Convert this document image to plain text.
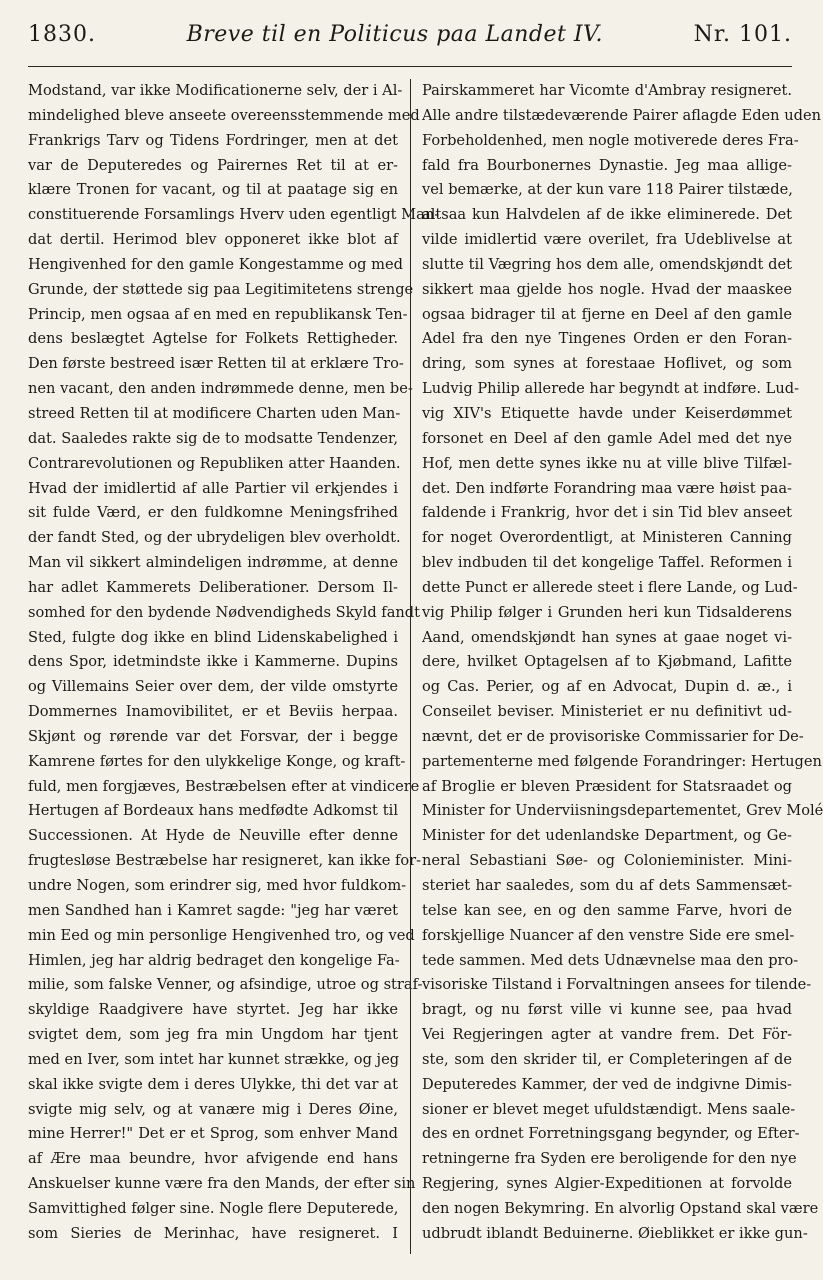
1830.	Breve til en Politicus paa Landet IV.	Nr. 101.
Modstand, var ikke Modificationerne selv, der i Al-
mindelighed bleve anseete overeensstemmende med
Frankrigs Tarv og Tidens Fordringer, men at det
var de Deputeredes og Pairernes Ret til at er-
klære Tronen for vacant, og til at paatage sig en
constituerende Forsamlings Hverv uden egentligt Man-
dat dertil. Herimod blev opponeret ikke blot af
Hengivenhed for den gamle Kongestamme og med
Grunde, der støttede sig paa Legitimitetens strenge
Princip, men ogsaa af en med en republikansk Ten-
dens beslægtet Agtelse for Folkets Rettigheder.
Den første bestreed især Retten til at erklære Tro-
nen vacant, den anden indrømmede denne, men be-
streed Retten til at modificere Charten uden Man-
dat. Saaledes rakte sig de to modsatte Tendenzer,
Contrarevolutionen og Republiken atter Haanden.
Hvad der imidlertid af alle Partier vil erkjendes i
sit fulde Værd, er den fuldkomne Meningsfrihed
der fandt Sted, og der ubrydeligen blev overholdt.
Man vil sikkert almindeligen indrømme, at denne
har adlet Kammerets Deliberationer. Dersom Il-
somhed for den bydende Nødvendigheds Skyld fandt
Sted, fulgte dog ikke en blind Lidenskabelighed i
dens Spor, idetmindste ikke i Kammerne. Dupins
og Villemains Seier over dem, der vilde omstyrte
Dommernes Inamovibilitet, er et Beviis herpaa.
Skjønt og rørende var det Forsvar, der i begge
Kamrene førtes for den ulykkelige Konge, og kraft-
fuld, men forgjæves, Bestræbelsen efter at vindicere
Hertugen af Bordeaux hans medfødte Adkomst til
Successionen. At Hyde de Neuville efter denne
frugtesløse Bestræbelse har resigneret, kan ikke for-
undre Nogen, som erindrer sig, med hvor fuldkom-
men Sandhed han i Kamret sagde: "jeg har været
min Eed og min personlige Hengivenhed tro, og ved
Himlen, jeg har aldrig bedraget den kongelige Fa-
milie, som falske Venner, og afsindige, utroe og straf-
skyldige Raadgivere have styrtet. Jeg har ikke
svigtet dem, som jeg fra min Ungdom har tjent
med en Iver, som intet har kunnet strække, og jeg
skal ikke svigte dem i deres Ulykke, thi det var at
svigte mig selv, og at vanære mig i Deres Øine,
mine Herrer!" Det er et Sprog, som enhver Mand
af Ære maa beundre, hvor afvigende end hans
Anskuelser kunne være fra den Mands, der efter sin
Samvittighed følger sine. Nogle flere Deputerede,
som Sieries de Merinhac, have resigneret. I
Pairskammeret har Vicomte d'Ambray resigneret.
Alle andre tilstædeværende Pairer aflagde Eden uden
Forbeholdenhed, men nogle motiverede deres Fra-
fald fra Bourbonernes Dynastie. Jeg maa allige-
vel bemærke, at der kun vare 118 Pairer tilstæde,
altsaa kun Halvdelen af de ikke eliminerede. Det
vilde imidlertid være overilet, fra Udeblivelse at
slutte til Vægring hos dem alle, omendskjøndt det
sikkert maa gjelde hos nogle. Hvad der maaskee
ogsaa bidrager til at fjerne en Deel af den gamle
Adel fra den nye Tingenes Orden er den Foran-
dring, som synes at forestaae Hoflivet, og som
Ludvig Philip allerede har begyndt at indføre. Lud-
vig XIV's Etiquette havde under Keiserdømmet
forsonet en Deel af den gamle Adel med det nye
Hof, men dette synes ikke nu at ville blive Tilfæl-
det. Den indførte Forandring maa være høist paa-
faldende i Frankrig, hvor det i sin Tid blev anseet
for noget Overordentligt, at Ministeren Canning
blev indbuden til det kongelige Taffel. Reformen i
dette Punct er allerede steet i flere Lande, og Lud-
vig Philip følger i Grunden heri kun Tidsalderens
Aand, omendskjøndt han synes at gaae noget vi-
dere, hvilket Optagelsen af to Kjøbmand, Lafitte
og Cas. Perier, og af en Advocat, Dupin d. æ., i
Conseilet beviser. Ministeriet er nu definitivt ud-
nævnt, det er de provisoriske Commissarier for De-
partementerne med følgende Forandringer: Hertugen
af Broglie er bleven Præsident for Statsraadet og
Minister for Underviisningsdepartementet, Grev Molé
Minister for det udenlandske Department, og Ge-
neral Sebastiani Søe- og Colonieminister. Mini-
steriet har saaledes, som du af dets Sammensæt-
telse kan see, en og den samme Farve, hvori de
forskjellige Nuancer af den venstre Side ere smel-
tede sammen. Med dets Udnævnelse maa den pro-
visoriske Tilstand i Forvaltningen ansees for tilende-
bragt, og nu først ville vi kunne see, paa hvad
Vei Regjeringen agter at vandre frem. Det För-
ste, som den skrider til, er Completeringen af de
Deputeredes Kammer, der ved de indgivne Dimis-
sioner er blevet meget ufuldstændigt. Mens saale-
des en ordnet Forretningsgang begynder, og Efter-
retningerne fra Syden ere beroligende for den nye
Regjering, synes Algier-Expeditionen at forvolde
den nogen Bekymring. En alvorlig Opstand skal være
udbrudt iblandt Beduinerne. Øieblikket er ikke gun-
